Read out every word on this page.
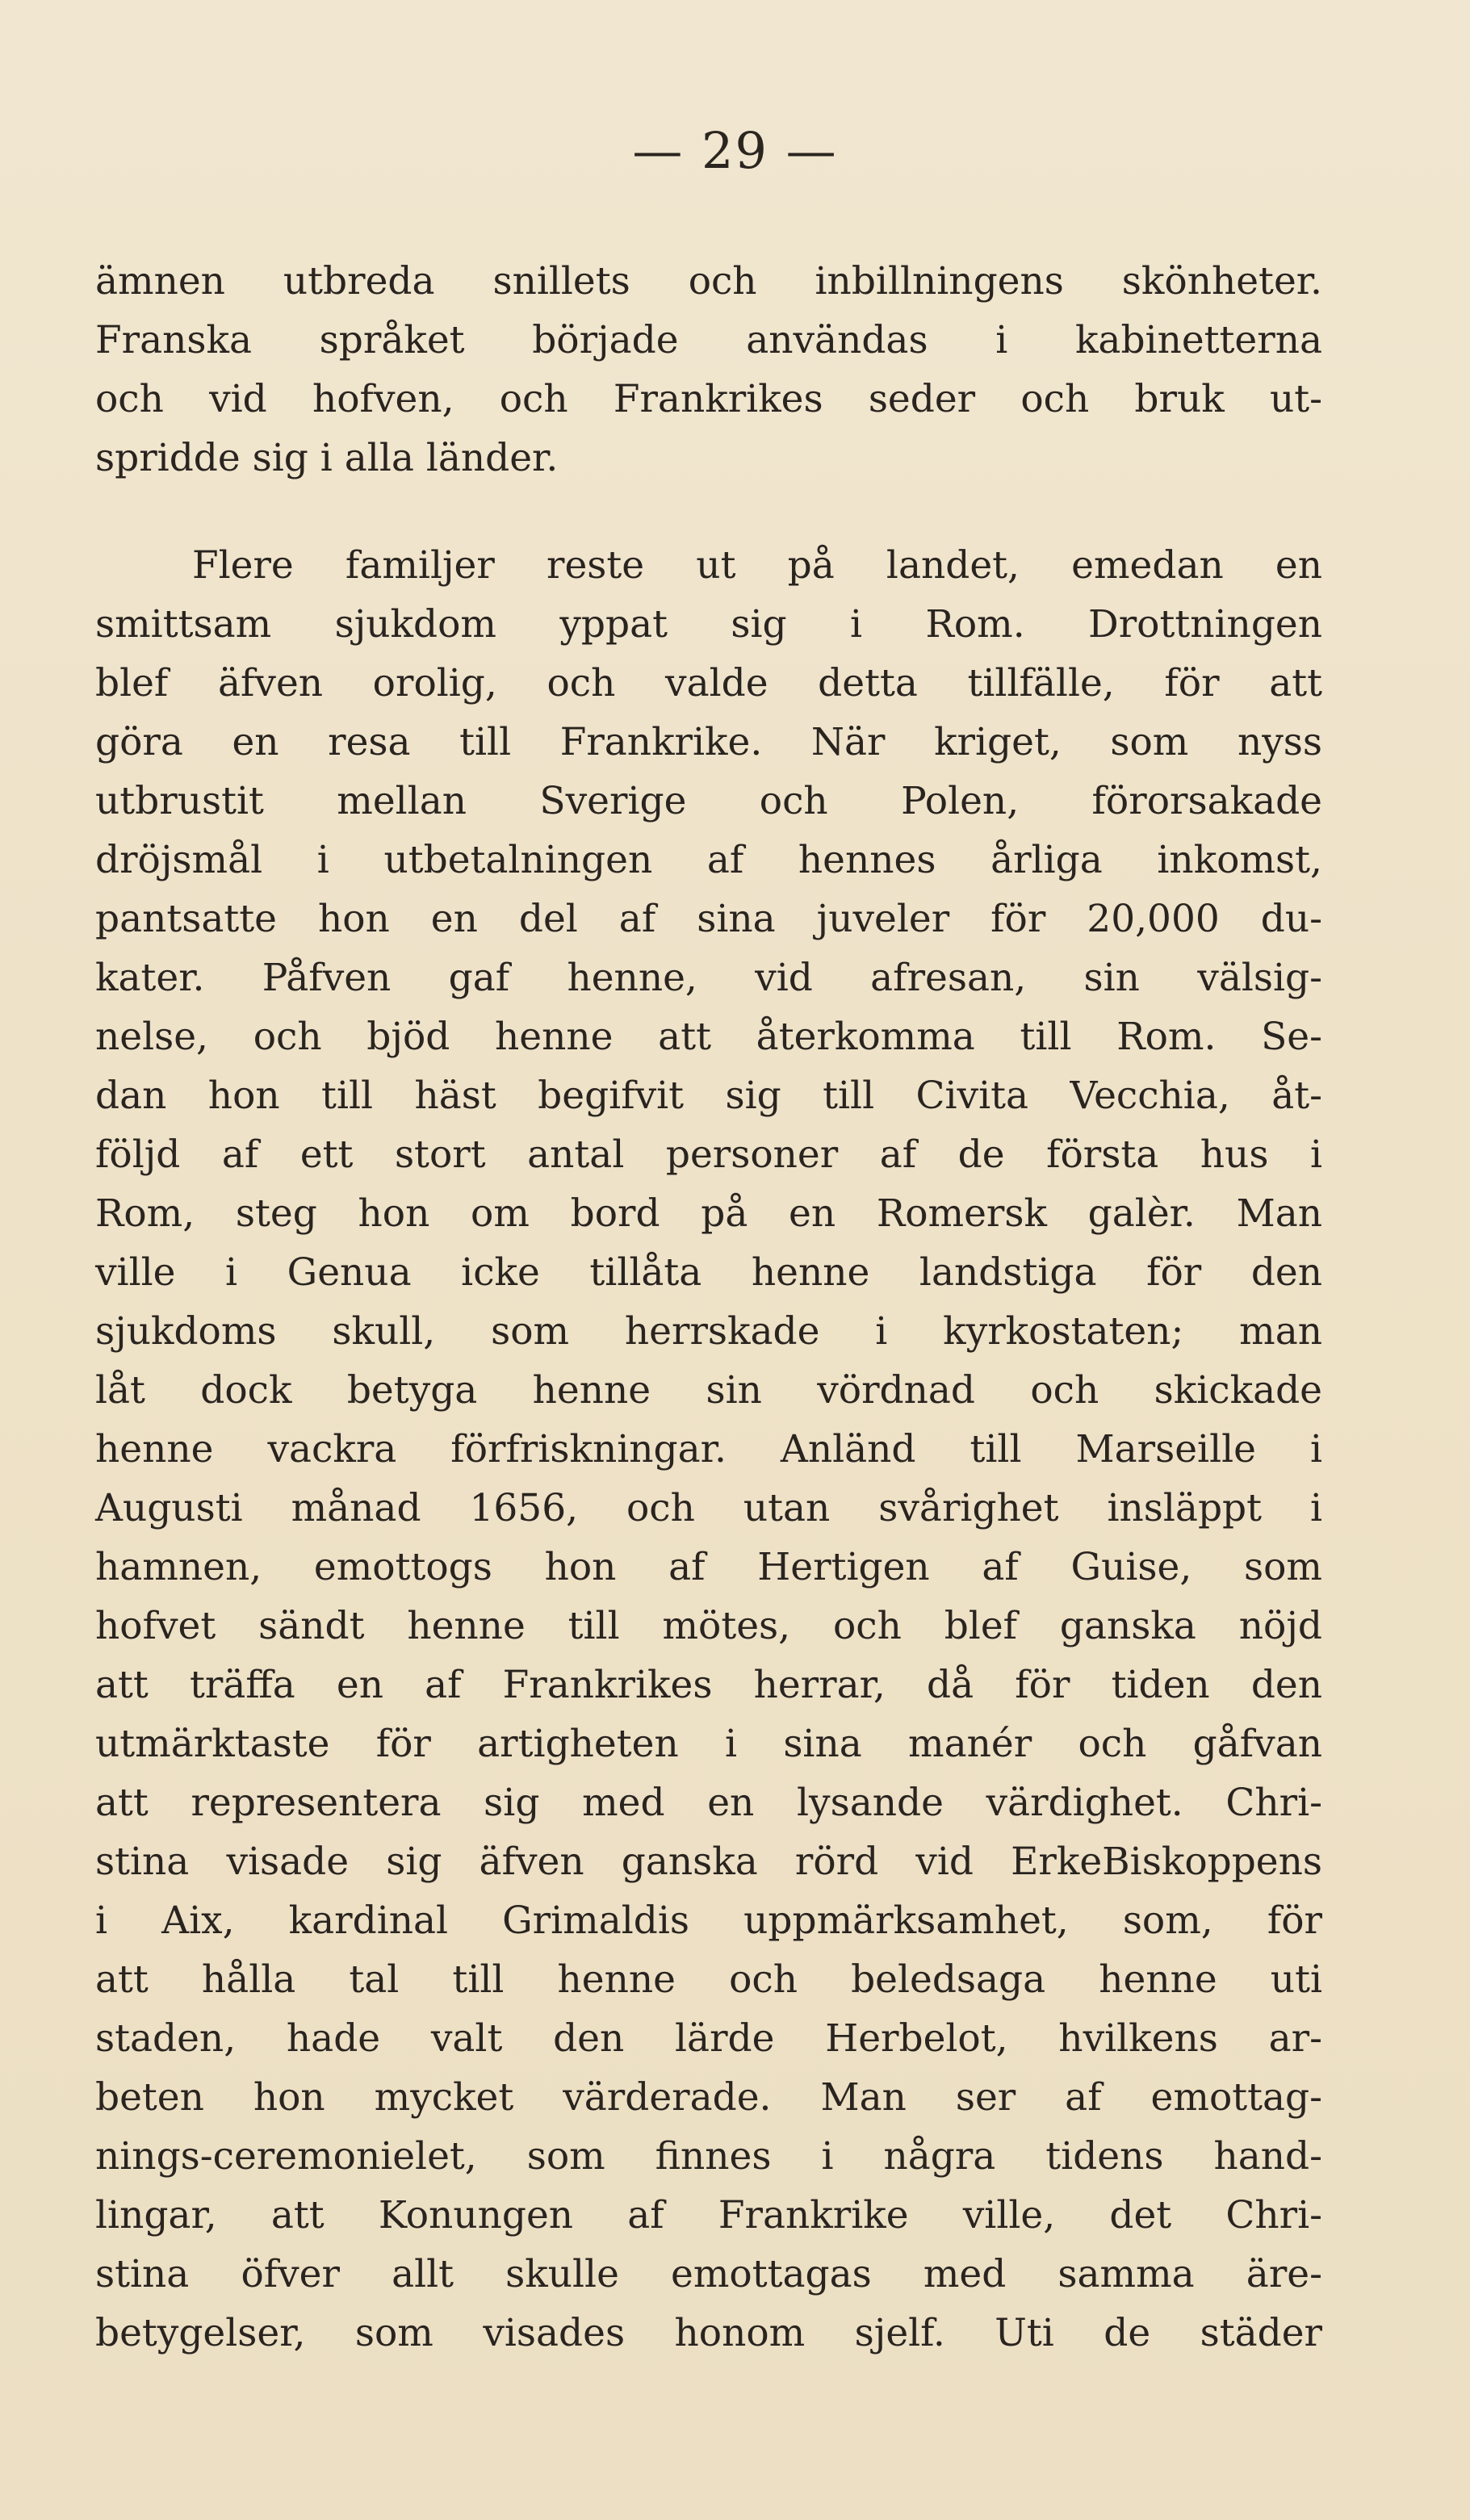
— 29 —
ämnen utbreda snillets och inbillningens skönheter.
Franska språket började användas i kabinetterna
och vid hofven, och Frankrikes seder och bruk ut-
spridde sig i alla länder.
Flere familjer reste ut på landet, emedan en
smittsam sjukdom yppat sig i Rom. Drottningen
blef äfven orolig, och valde detta tillfälle, för att
göra en resa till Frankrike. När kriget, som nyss
utbrustit mellan Sverige och Polen, förorsakade
dröjsmål i utbetalningen af hennes årliga inkomst,
pantsatte hon en del af sina juveler för 20,000 du-
kater. Påfven gaf henne, vid afresan, sin välsig-
nelse, och bjöd henne att återkomma till Rom. Se-
dan hon till häst begifvit sig till Civita Vecchia, åt-
följd af ett stort antal personer af de första hus i
Rom, steg hon om bord på en Romersk galèr. Man
ville i Genua icke tillåta henne landstiga för den
sjukdoms skull, som herrskade i kyrkostaten; man
låt dock betyga henne sin vördnad och skickade
henne vackra förfriskningar. Anländ till Marseille i
Augusti månad 1656, och utan svårighet insläppt i
hamnen, emottogs hon af Hertigen af Guise, som
hofvet sändt henne till mötes, och blef ganska nöjd
att träffa en af Frankrikes herrar, då för tiden den
utmärktaste för artigheten i sina manér och gåfvan
att representera sig med en lysande värdighet. Chri-
stina visade sig äfven ganska rörd vid ErkeBiskoppens
i Aix, kardinal Grimaldis uppmärksamhet, som, för
att hålla tal till henne och beledsaga henne uti
staden, hade valt den lärde Herbelot, hvilkens ar-
beten hon mycket värderade. Man ser af emottag-
nings-ceremonielet, som finnes i några tidens hand-
lingar, att Konungen af Frankrike ville, det Chri-
stina öfver allt skulle emottagas med samma äre-
betygelser, som visades honom sjelf. Uti de städer
